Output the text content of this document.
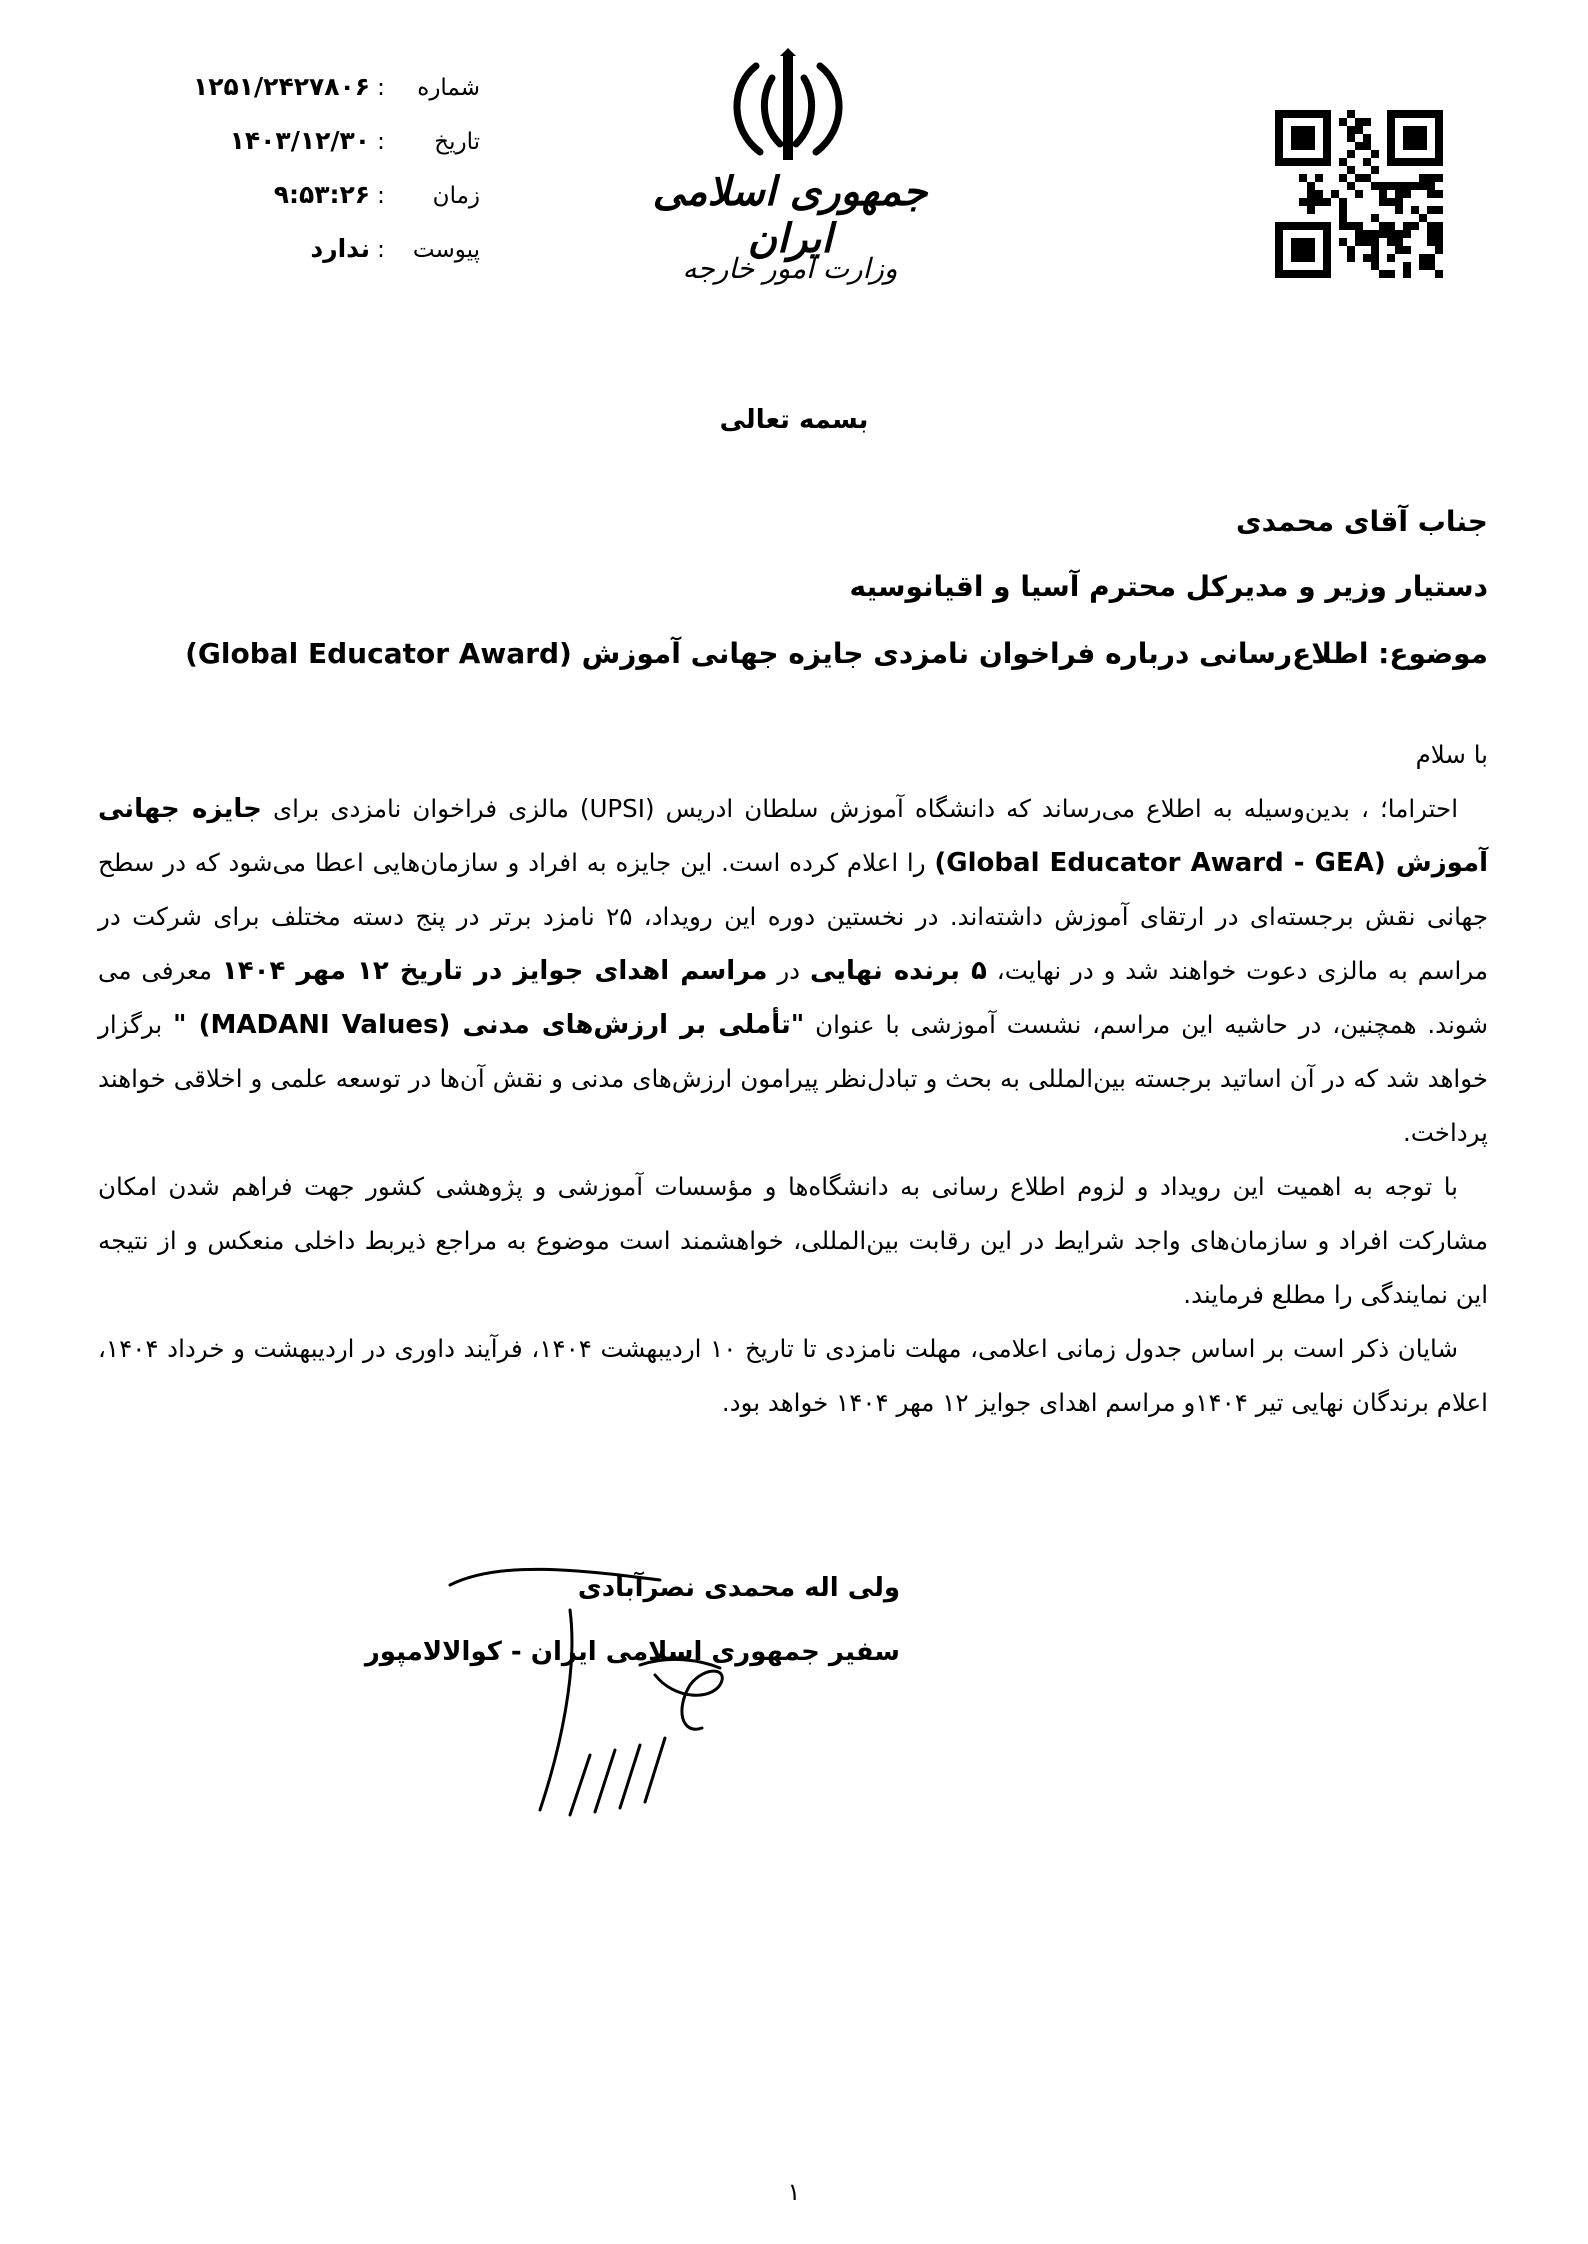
شماره
:
۱۲۵۱/۲۴۲۷۸۰۶
تاریخ
:
۱۴۰۳/۱۲/۳۰
زمان
:
۹:۵۳:۲۶
پیوست
:
ندارد
جمهوری اسلامی ایران
وزارت امور خارجه
بسمه تعالی
جناب آقای محمدی
دستیار وزیر و مدیرکل محترم آسیا و اقیانوسیه
موضوع: اطلاع‌رسانی درباره فراخوان نامزدی جایزه جهانی آموزش (Global Educator Award)

با سلام

احتراما؛ ، بدین‌وسیله به اطلاع می‌رساند که دانشگاه آموزش سلطان ادریس (UPSI) مالزی فراخوان نامزدی برای جایزه جهانی آموزش (Global Educator Award - GEA) را اعلام کرده است. این جایزه به افراد و سازمان‌هایی اعطا می‌شود که در سطح جهانی نقش برجسته‌ای در ارتقای آموزش داشته‌اند. در نخستین دوره این رویداد، ۲۵ نامزد برتر در پنج دسته مختلف برای شرکت در مراسم به مالزی دعوت خواهند شد و در نهایت، ۵ برنده نهایی در مراسم اهدای جوایز در تاریخ ۱۲ مهر ۱۴۰۴ معرفی می شوند. همچنین، در حاشیه این مراسم، نشست آموزشی با عنوان "تأملی بر ارزش‌های مدنی (MADANI Values) " برگزار خواهد شد که در آن اساتید برجسته بین‌المللی به بحث و تبادل‌نظر پیرامون ارزش‌های مدنی و نقش آن‌ها در توسعه علمی و اخلاقی خواهند پرداخت.

با توجه به اهمیت این رویداد و لزوم اطلاع رسانی به دانشگاه‌ها و مؤسسات آموزشی و پژوهشی کشور جهت فراهم شدن امکان مشارکت افراد و سازمان‌های واجد شرایط در این رقابت بین‌المللی، خواهشمند است موضوع به مراجع ذیربط داخلی منعکس و از نتیجه این نمایندگی را مطلع فرمایند.

شایان ذکر است بر اساس جدول زمانی اعلامی، مهلت نامزدی تا تاریخ ۱۰ اردیبهشت ۱۴۰۴، فرآیند داوری در اردیبهشت و خرداد ۱۴۰۴، اعلام برندگان نهایی تیر ۱۴۰۴و مراسم اهدای جوایز ۱۲ مهر ۱۴۰۴ خواهد بود.

ولی اله محمدی نصرآبادی
سفیر جمهوری اسلامی ایران - کوالالامپور
۱
